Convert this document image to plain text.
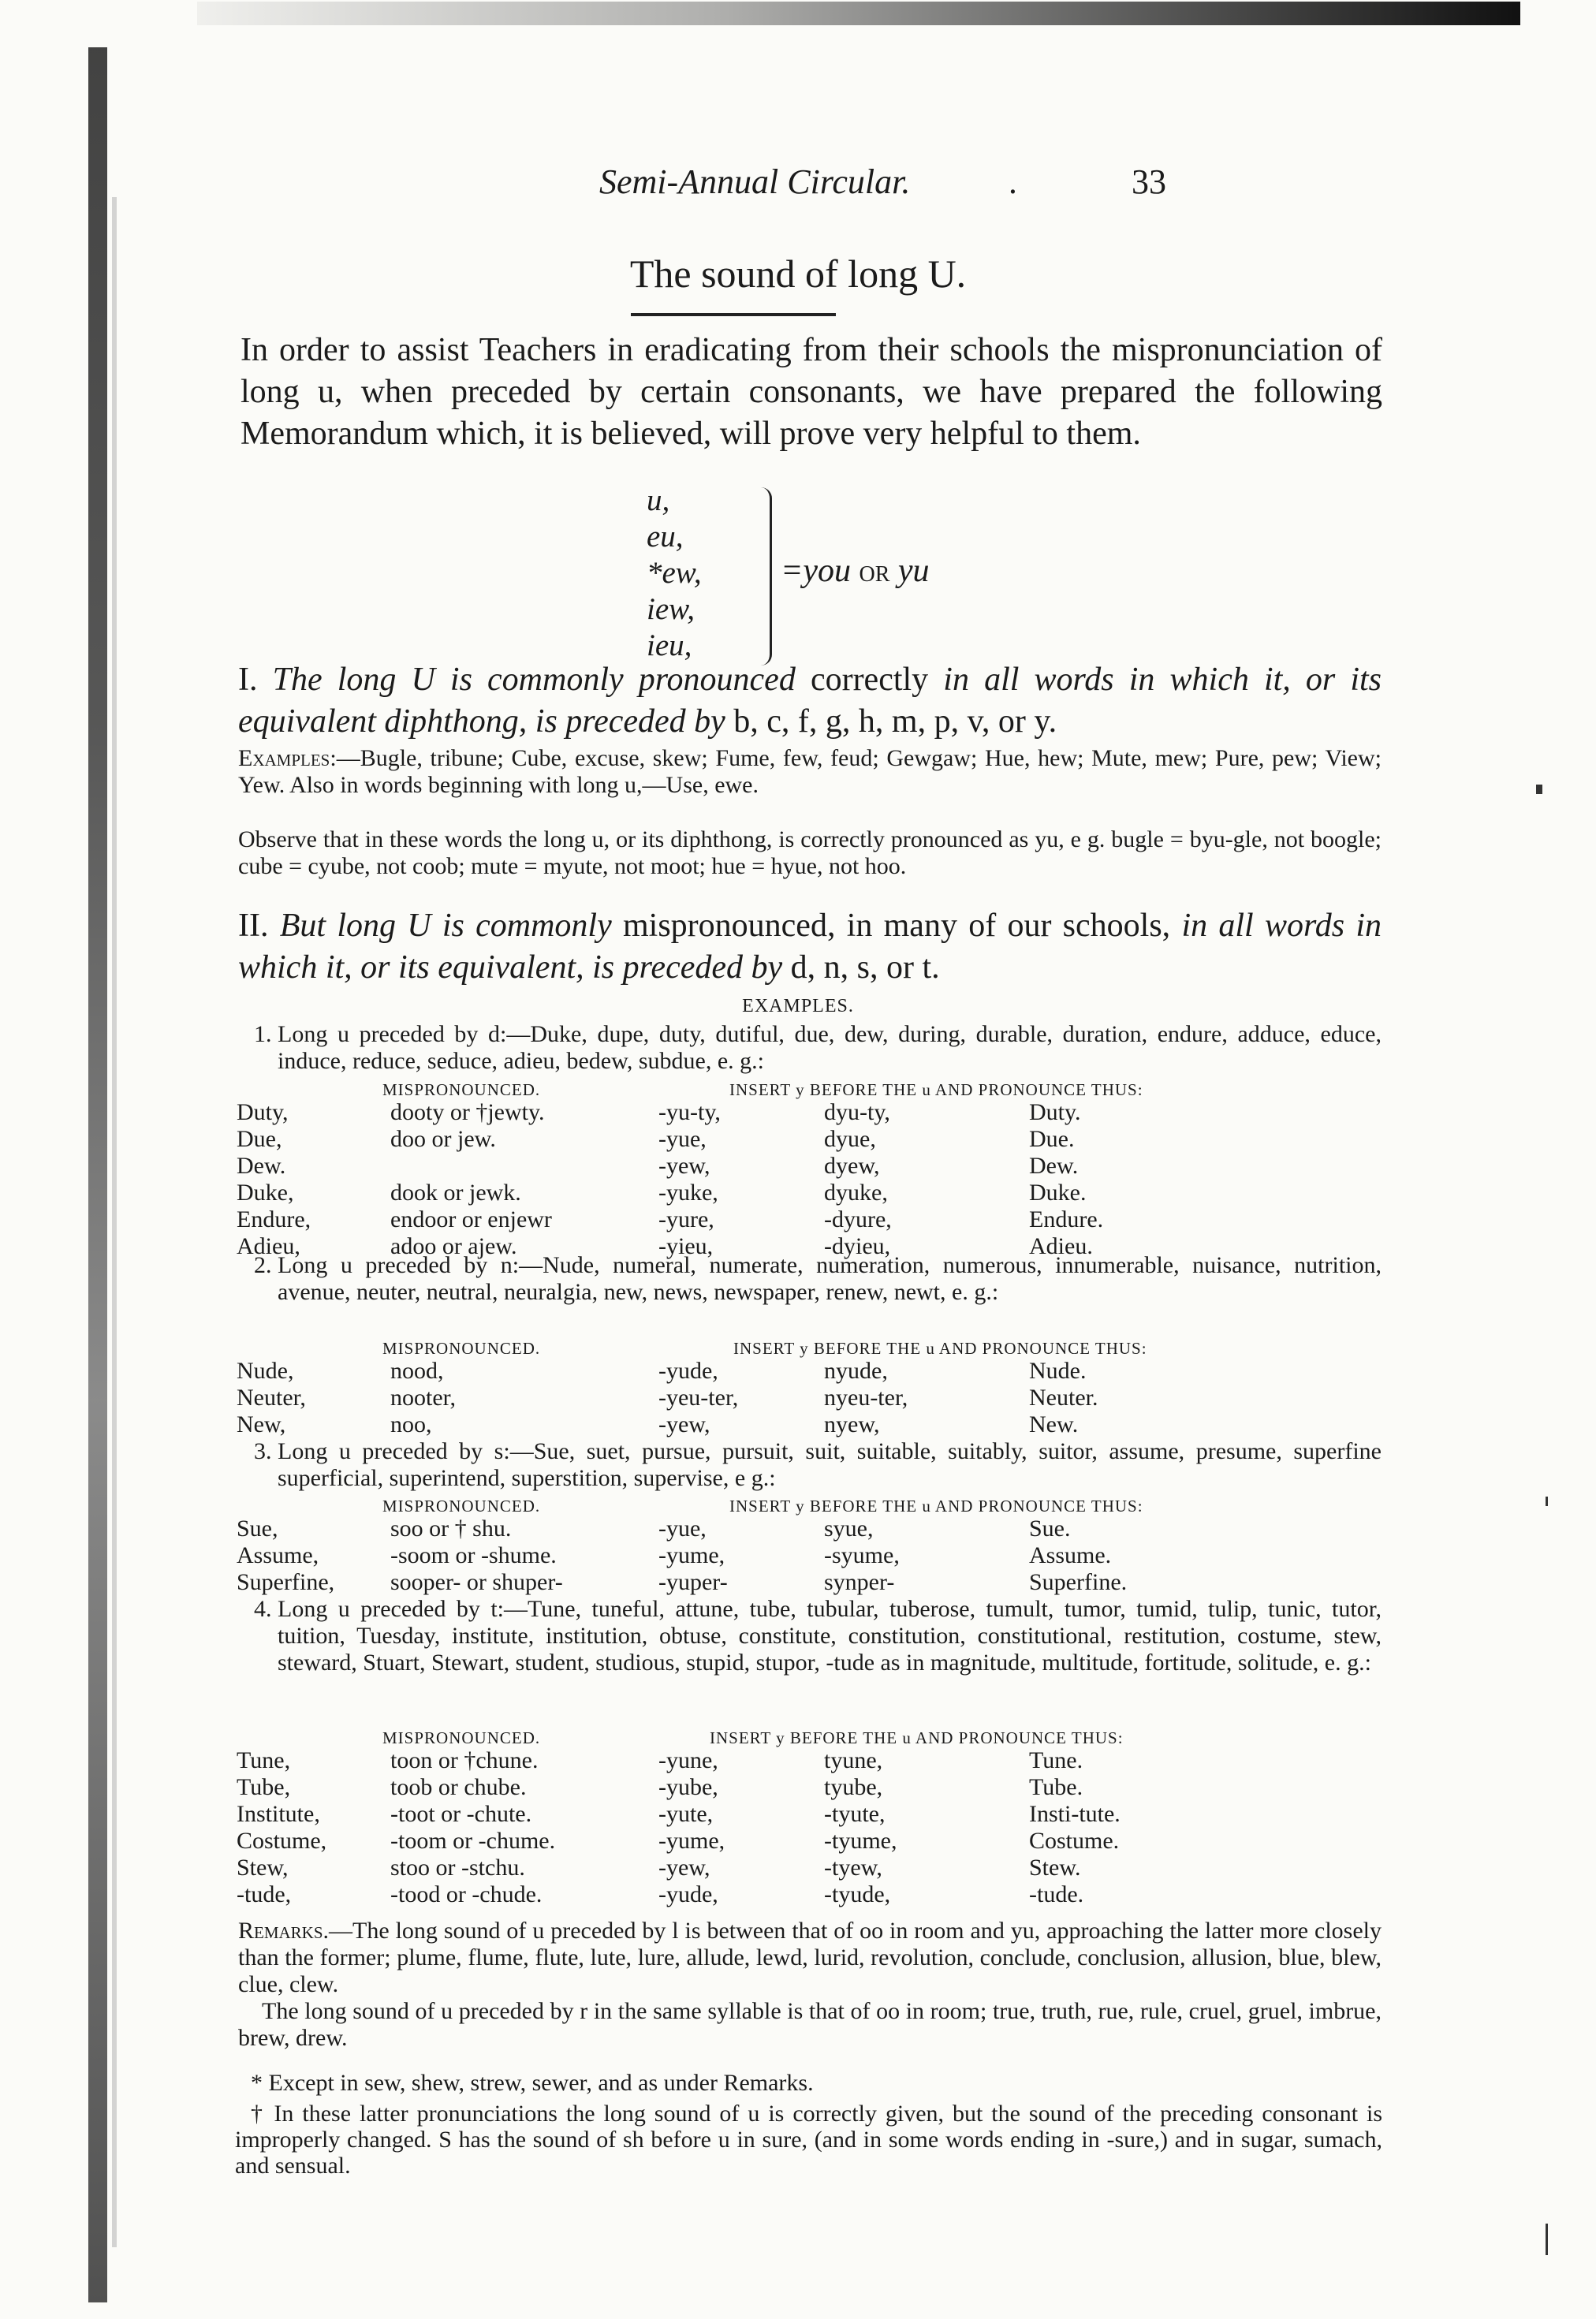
Semi-Annual Circular.	.	33
The sound of long U.
In order to assist Teachers in eradicating from their schools the mispronunciation of long u, when preceded by certain consonants, we have prepared the following Memorandum which, it is believed, will prove very helpful to them.
u,
eu,
*ew,
iew,
ieu,
=you OR yu
I. The long U is commonly pronounced correctly in all words in which it, or its equivalent diphthong, is preceded by b, c, f, g, h, m, p, v, or y.
Examples:—Bugle, tribune; Cube, excuse, skew; Fume, few, feud; Gewgaw; Hue, hew; Mute, mew; Pure, pew; View; Yew. Also in words beginning with long u,—Use, ewe.
Observe that in these words the long u, or its diphthong, is correctly pronounced as yu, e g. bugle = byu-gle, not boogle; cube = cyube, not coob; mute = myute, not moot; hue = hyue, not hoo.
II. But long U is commonly mispronounced, in many of our schools, in all words in which it, or its equivalent, is preceded by d, n, s, or t.
EXAMPLES.
1. Long u preceded by d:—Duke, dupe, duty, dutiful, due, dew, during, durable, duration, endure, adduce, educe, induce, reduce, seduce, adieu, bedew, subdue, e. g.:
MISPRONOUNCED.	INSERT y BEFORE THE u AND PRONOUNCE THUS:
Duty,	dooty or †jewty.	-yu-ty,	dyu-ty,	Duty.
Due,	doo or jew.	-yue,	dyue,	Due.
Dew.		-yew,	dyew,	Dew.
Duke,	dook or jewk.	-yuke,	dyuke,	Duke.
Endure,	endoor or enjewr	-yure,	-dyure,	Endure.
Adieu,	adoo or ajew.	-yieu,	-dyieu,	Adieu.
2. Long u preceded by n:—Nude, numeral, numerate, numeration, numerous, innumerable, nuisance, nutrition, avenue, neuter, neutral, neuralgia, new, news, newspaper, renew, newt, e. g.:
MISPRONOUNCED.	INSERT y BEFORE THE u AND PRONOUNCE THUS:
Nude,	nood,	-yude,	nyude,	Nude.
Neuter,	nooter,	-yeu-ter,	nyeu-ter,	Neuter.
New,	noo,	-yew,	nyew,	New.
3. Long u preceded by s:—Sue, suet, pursue, pursuit, suit, suitable, suitably, suitor, assume, presume, superfine superficial, superintend, superstition, supervise, e g.:
MISPRONOUNCED.	INSERT y BEFORE THE u AND PRONOUNCE THUS:
Sue,	soo or † shu.	-yue,	syue,	Sue.
Assume,	-soom or -shume.	-yume,	-syume,	Assume.
Superfine,	sooper- or shuper-	-yuper-	synper-	Superfine.
4. Long u preceded by t:—Tune, tuneful, attune, tube, tubular, tuberose, tumult, tumor, tumid, tulip, tunic, tutor, tuition, Tuesday, institute, institution, obtuse, constitute, constitution, constitutional, restitution, costume, stew, steward, Stuart, Stewart, student, studious, stupid, stupor, -tude as in magnitude, multitude, fortitude, solitude, e. g.:
MISPRONOUNCED.	INSERT y BEFORE THE u AND PRONOUNCE THUS:
Tune,	toon or †chune.	-yune,	tyune,	Tune.
Tube,	toob or chube.	-yube,	tyube,	Tube.
Institute,	-toot or -chute.	-yute,	-tyute,	Insti-tute.
Costume,	-toom or -chume.	-yume,	-tyume,	Costume.
Stew,	stoo or -stchu.	-yew,	-tyew,	Stew.
-tude,	-tood or -chude.	-yude,	-tyude,	-tude.
Remarks.—The long sound of u preceded by l is between that of oo in room and yu, approaching the latter more closely than the former; plume, flume, flute, lute, lure, allude, lewd, lurid, revolution, conclude, conclusion, allusion, blue, blew, clue, clew.
The long sound of u preceded by r in the same syllable is that of oo in room; true, truth, rue, rule, cruel, gruel, imbrue, brew, drew.
* Except in sew, shew, strew, sewer, and as under Remarks.
† In these latter pronunciations the long sound of u is correctly given, but the sound of the preceding consonant is improperly changed. S has the sound of sh before u in sure, (and in some words ending in -sure,) and in sugar, sumach, and sensual.
